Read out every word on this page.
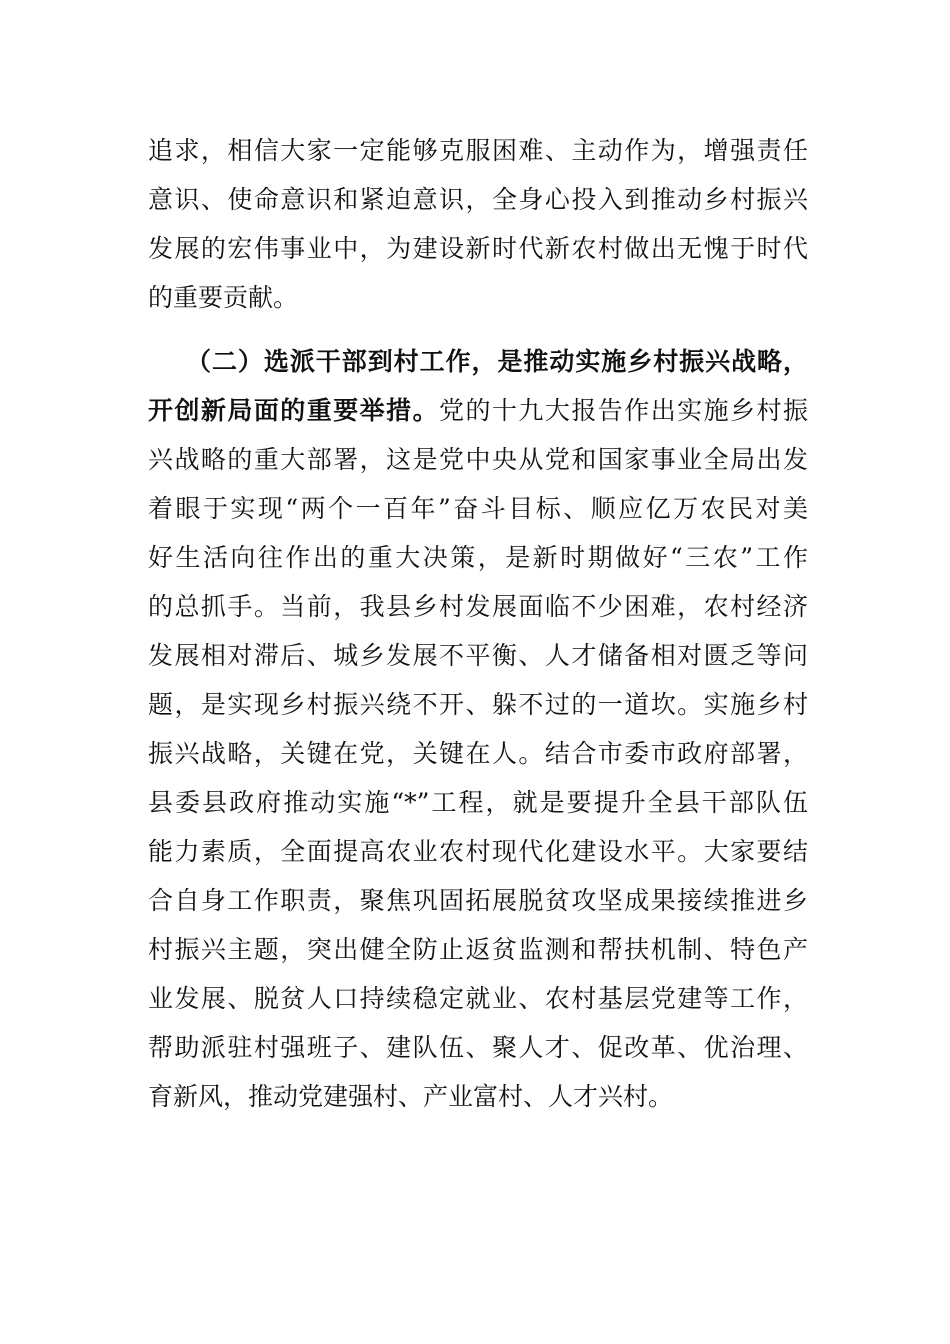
追求，相信大家一定能够克服困难、主动作为，增强责任
意识、使命意识和紧迫意识，全身心投入到推动乡村振兴
发展的宏伟事业中，为建设新时代新农村做出无愧于时代
的重要贡献。
（二）选派干部到村工作，是推动实施乡村振兴战略，
开创新局面的重要举措。党的十九大报告作出实施乡村振
兴战略的重大部署，这是党中央从党和国家事业全局出发
着眼于实现“两个一百年”奋斗目标、顺应亿万农民对美
好生活向往作出的重大决策，是新时期做好“三农”工作
的总抓手。当前，我县乡村发展面临不少困难，农村经济
发展相对滞后、城乡发展不平衡、人才储备相对匮乏等问
题，是实现乡村振兴绕不开、躲不过的一道坎。实施乡村
振兴战略，关键在党，关键在人。结合市委市政府部署，
县委县政府推动实施“*”工程，就是要提升全县干部队伍
能力素质，全面提高农业农村现代化建设水平。大家要结
合自身工作职责，聚焦巩固拓展脱贫攻坚成果接续推进乡
村振兴主题，突出健全防止返贫监测和帮扶机制、特色产
业发展、脱贫人口持续稳定就业、农村基层党建等工作，
帮助派驻村强班子、建队伍、聚人才、促改革、优治理、
育新风，推动党建强村、产业富村、人才兴村。
